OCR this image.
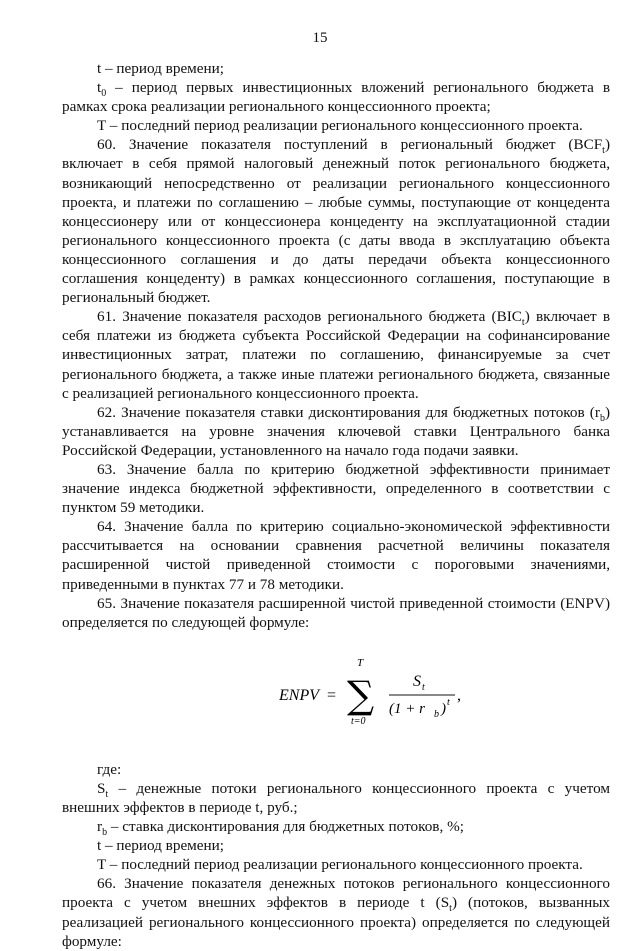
15

t – период времени;

$t_0$ – период первых инвестиционных вложений регионального бюджета в рамках срока реализации регионального концессионного проекта;

T – последний период реализации регионального концессионного проекта.

60. Значение показателя поступлений в региональный бюджет $(BCF_t)$ включает в себя прямой налоговый денежный поток регионального бюджета, возникающий непосредственно от реализации регионального концессионного проекта, и платежи по соглашению – любые суммы, поступающие от концедента концессионеру или от концессионера концеденту на эксплуатационной стадии регионального концессионного проекта (с даты ввода в эксплуатацию объекта концессионного соглашения и до даты передачи объекта концессионного соглашения концеденту) в рамках концессионного соглашения, поступающие в региональный бюджет.

61. Значение показателя расходов регионального бюджета $(BIC_t)$ включает в себя платежи из бюджета субъекта Российской Федерации на софинансирование инвестиционных затрат, платежи по соглашению, финансируемые за счет регионального бюджета, а также иные платежи регионального бюджета, связанные с реализацией регионального концессионного проекта.

62. Значение показателя ставки дисконтирования для бюджетных потоков $(r_b)$ устанавливается на уровне значения ключевой ставки Центрального банка Российской Федерации, установленного на начало года подачи заявки.

63. Значение балла по критерию бюджетной эффективности принимает значение индекса бюджетной эффективности, определенного в соответствии с пунктом 59 методики.

64. Значение балла по критерию социально-экономической эффективности рассчитывается на основании сравнения расчетной величины показателя расширенной чистой приведенной стоимости с пороговыми значениями, приведенными в пунктах 77 и 78 методики.

65. Значение показателя расширенной чистой приведенной стоимости (ENPV) определяется по следующей формуле:

ENPV = ∑
T
t=0
S t
(1 + r b ) t ,

где:

$S_t$ – денежные потоки регионального концессионного проекта с учетом внешних эффектов в периоде t, руб.;

$r_b$ – ставка дисконтирования для бюджетных потоков, %;

t – период времени;

T – последний период реализации регионального концессионного проекта.

66. Значение показателя денежных потоков регионального концессионного проекта с учетом внешних эффектов в периоде t $(S_t)$ (потоков, вызванных реализацией регионального концессионного проекта) определяется по следующей формуле:
